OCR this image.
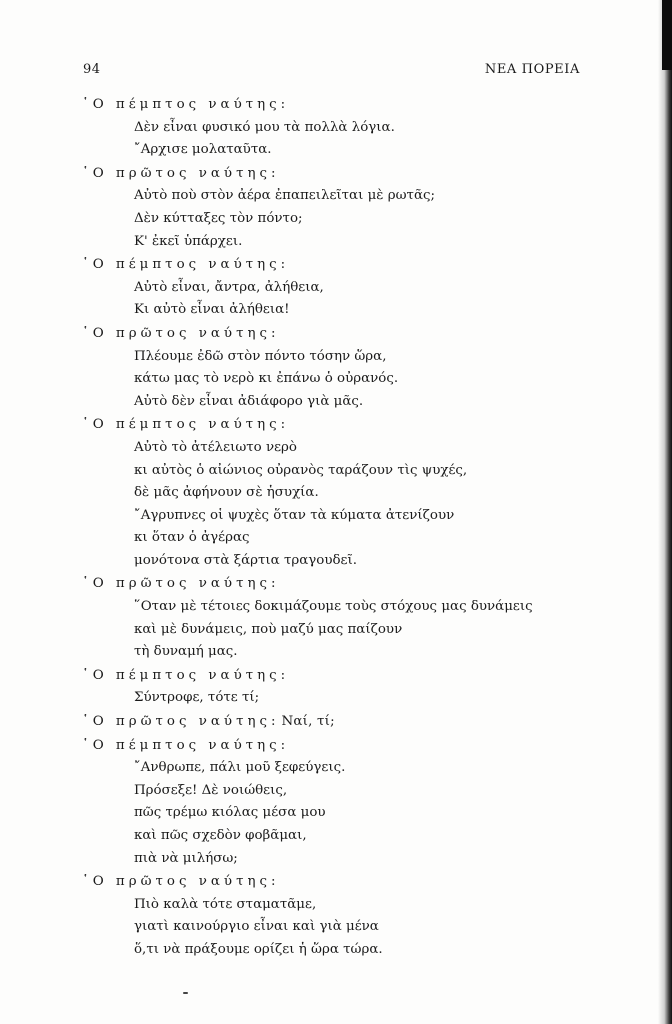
94	ΝΕΑ ΠΟΡΕΙΑ
῾Ο πέμπτος ναύτης:
Δὲν εἶναι φυσικό μου τὰ πολλὰ λόγια.
῎Αρχισε μολαταῦτα.
῾Ο πρῶτος ναύτης:
Αὐτὸ ποὺ στὸν ἀέρα ἐπαπειλεῖται μὲ ρωτᾶς;
Δὲν κύτταξες τὸν πόντο;
Κ' ἐκεῖ ὑπάρχει.
῾Ο πέμπτος ναύτης:
Αὐτὸ εἶναι, ἄντρα, ἀλήθεια,
Κι αὐτὸ εἶναι ἀλήθεια!
῾Ο πρῶτος ναύτης:
Πλέουμε ἐδῶ στὸν πόντο τόσην ὥρα,
κάτω μας τὸ νερὸ κι ἐπάνω ὁ οὐρανός.
Αὐτὸ δὲν εἶναι ἀδιάφορο γιὰ μᾶς.
῾Ο πέμπτος ναύτης:
Αὐτὸ τὸ ἀτέλειωτο νερὸ
κι αὐτὸς ὁ αἰώνιος οὐρανὸς ταράζουν τὶς ψυχές,
δὲ μᾶς ἀφήνουν σὲ ἡσυχία.
῎Αγρυπνες οἱ ψυχὲς ὅταν τὰ κύματα ἀτενίζουν
κι ὅταν ὁ ἀγέρας
μονότονα στὰ ξάρτια τραγουδεῖ.
῾Ο πρῶτος ναύτης:
῞Οταν μὲ τέτοιες δοκιμάζουμε τοὺς στόχους μας δυνάμεις
καὶ μὲ δυνάμεις, ποὺ μαζύ μας παίζουν
τὴ δυναμή μας.
῾Ο πέμπτος ναύτης:
Σύντροφε, τότε τί;
῾Ο πρῶτος ναύτης: Ναί, τί;
῾Ο πέμπτος ναύτης:
῎Ανθρωπε, πάλι μοῦ ξεφεύγεις.
Πρόσεξε! Δὲ νοιώθεις,
πῶς τρέμω κιόλας μέσα μου
καὶ πῶς σχεδὸν φοβᾶμαι,
πιὰ νὰ μιλήσω;
῾Ο πρῶτος ναύτης:
Πιὸ καλὰ τότε σταματᾶμε,
γιατὶ καινούργιο εἶναι καὶ γιὰ μένα
ὅ,τι νὰ πράξουμε ορίζει ἡ ὥρα τώρα.
